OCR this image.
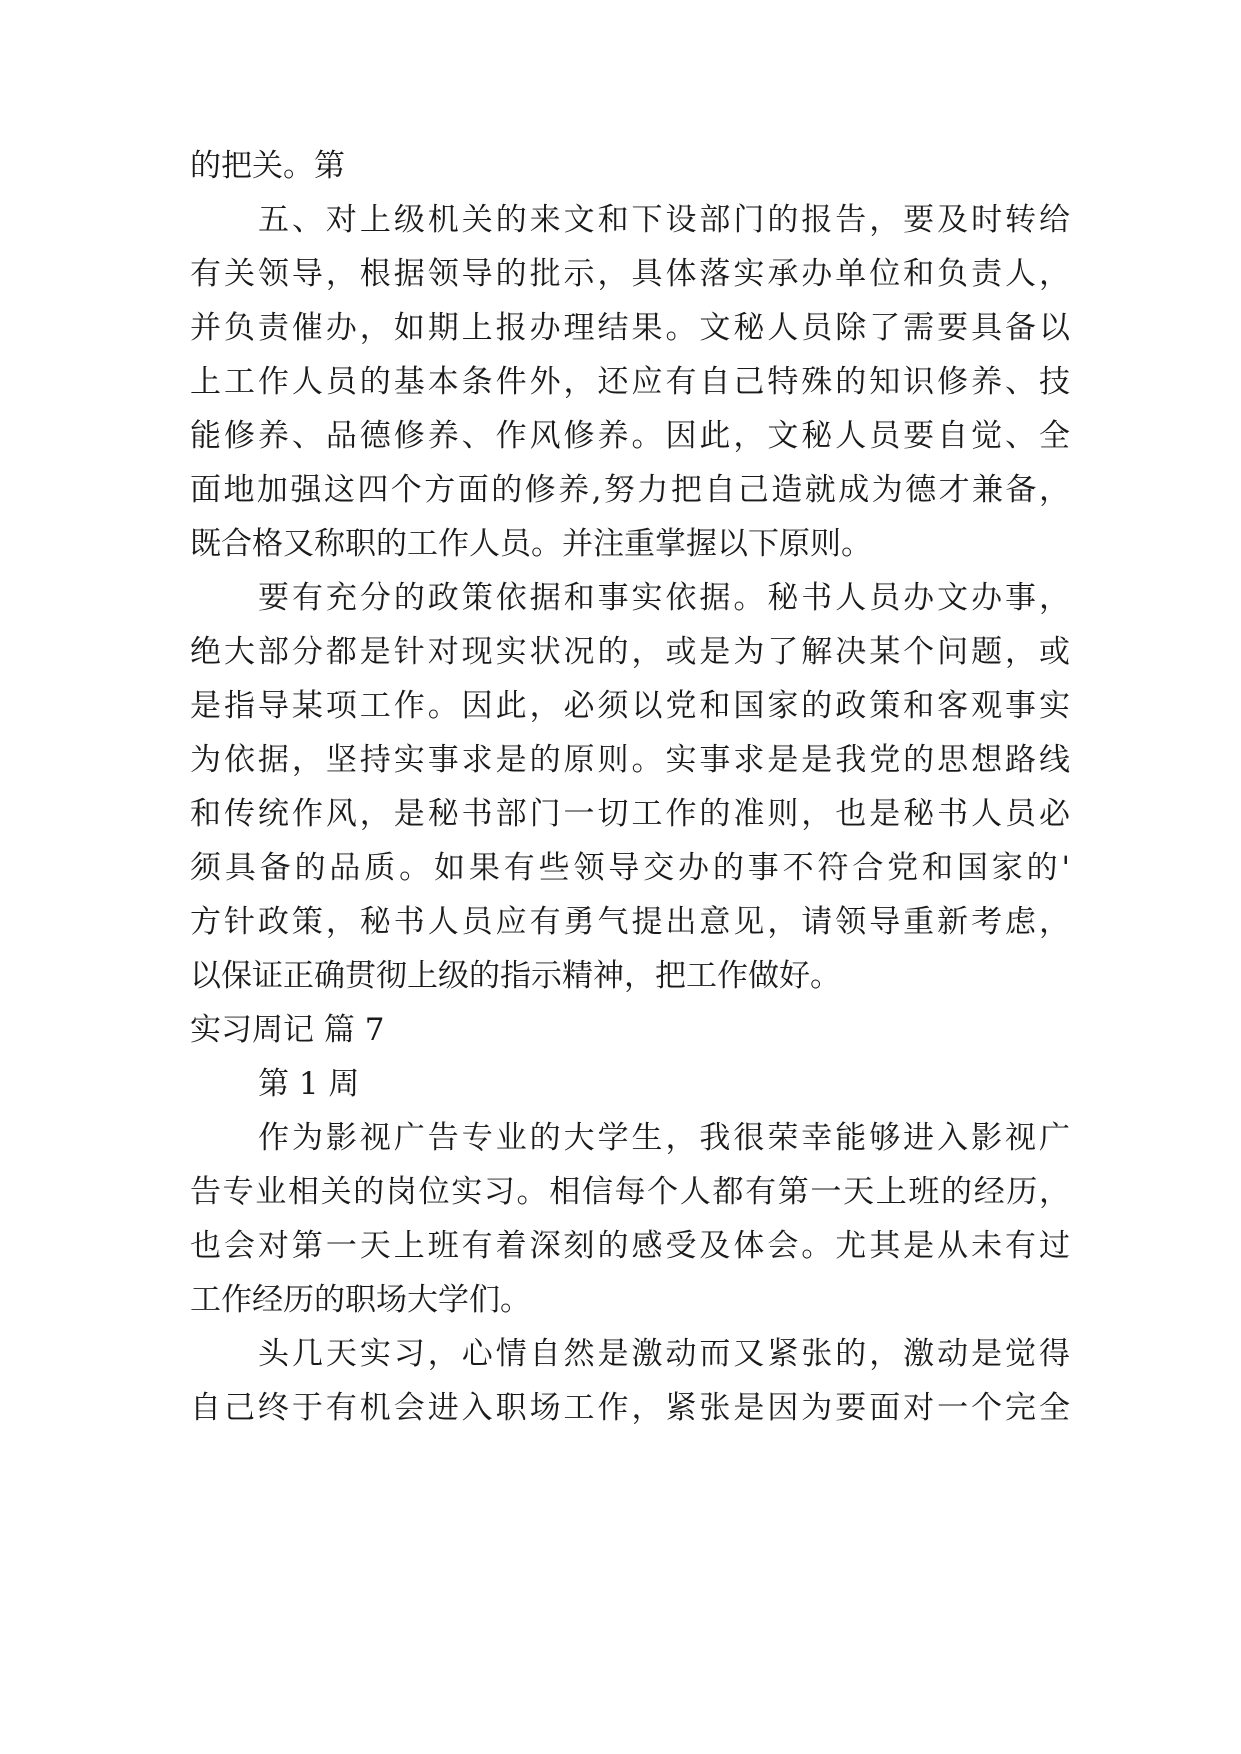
的把关。第
五、对上级机关的来文和下设部门的报告，要及时转给
有关领导，根据领导的批示，具体落实承办单位和负责人，
并负责催办，如期上报办理结果。文秘人员除了需要具备以
上工作人员的基本条件外，还应有自己特殊的知识修养、技
能修养、品德修养、作风修养。因此，文秘人员要自觉、全
面地加强这四个方面的修养,努力把自己造就成为德才兼备，
既合格又称职的工作人员。并注重掌握以下原则。
要有充分的政策依据和事实依据。秘书人员办文办事，
绝大部分都是针对现实状况的，或是为了解决某个问题，或
是指导某项工作。因此，必须以党和国家的政策和客观事实
为依据，坚持实事求是的原则。实事求是是我党的思想路线
和传统作风，是秘书部门一切工作的准则，也是秘书人员必
须具备的品质。如果有些领导交办的事不符合党和国家的'
方针政策，秘书人员应有勇气提出意见，请领导重新考虑，
以保证正确贯彻上级的指示精神，把工作做好。
实习周记 篇 7
第 1 周
作为影视广告专业的大学生，我很荣幸能够进入影视广
告专业相关的岗位实习。相信每个人都有第一天上班的经历，
也会对第一天上班有着深刻的感受及体会。尤其是从未有过
工作经历的职场大学们。
头几天实习，心情自然是激动而又紧张的，激动是觉得
自己终于有机会进入职场工作，紧张是因为要面对一个完全
